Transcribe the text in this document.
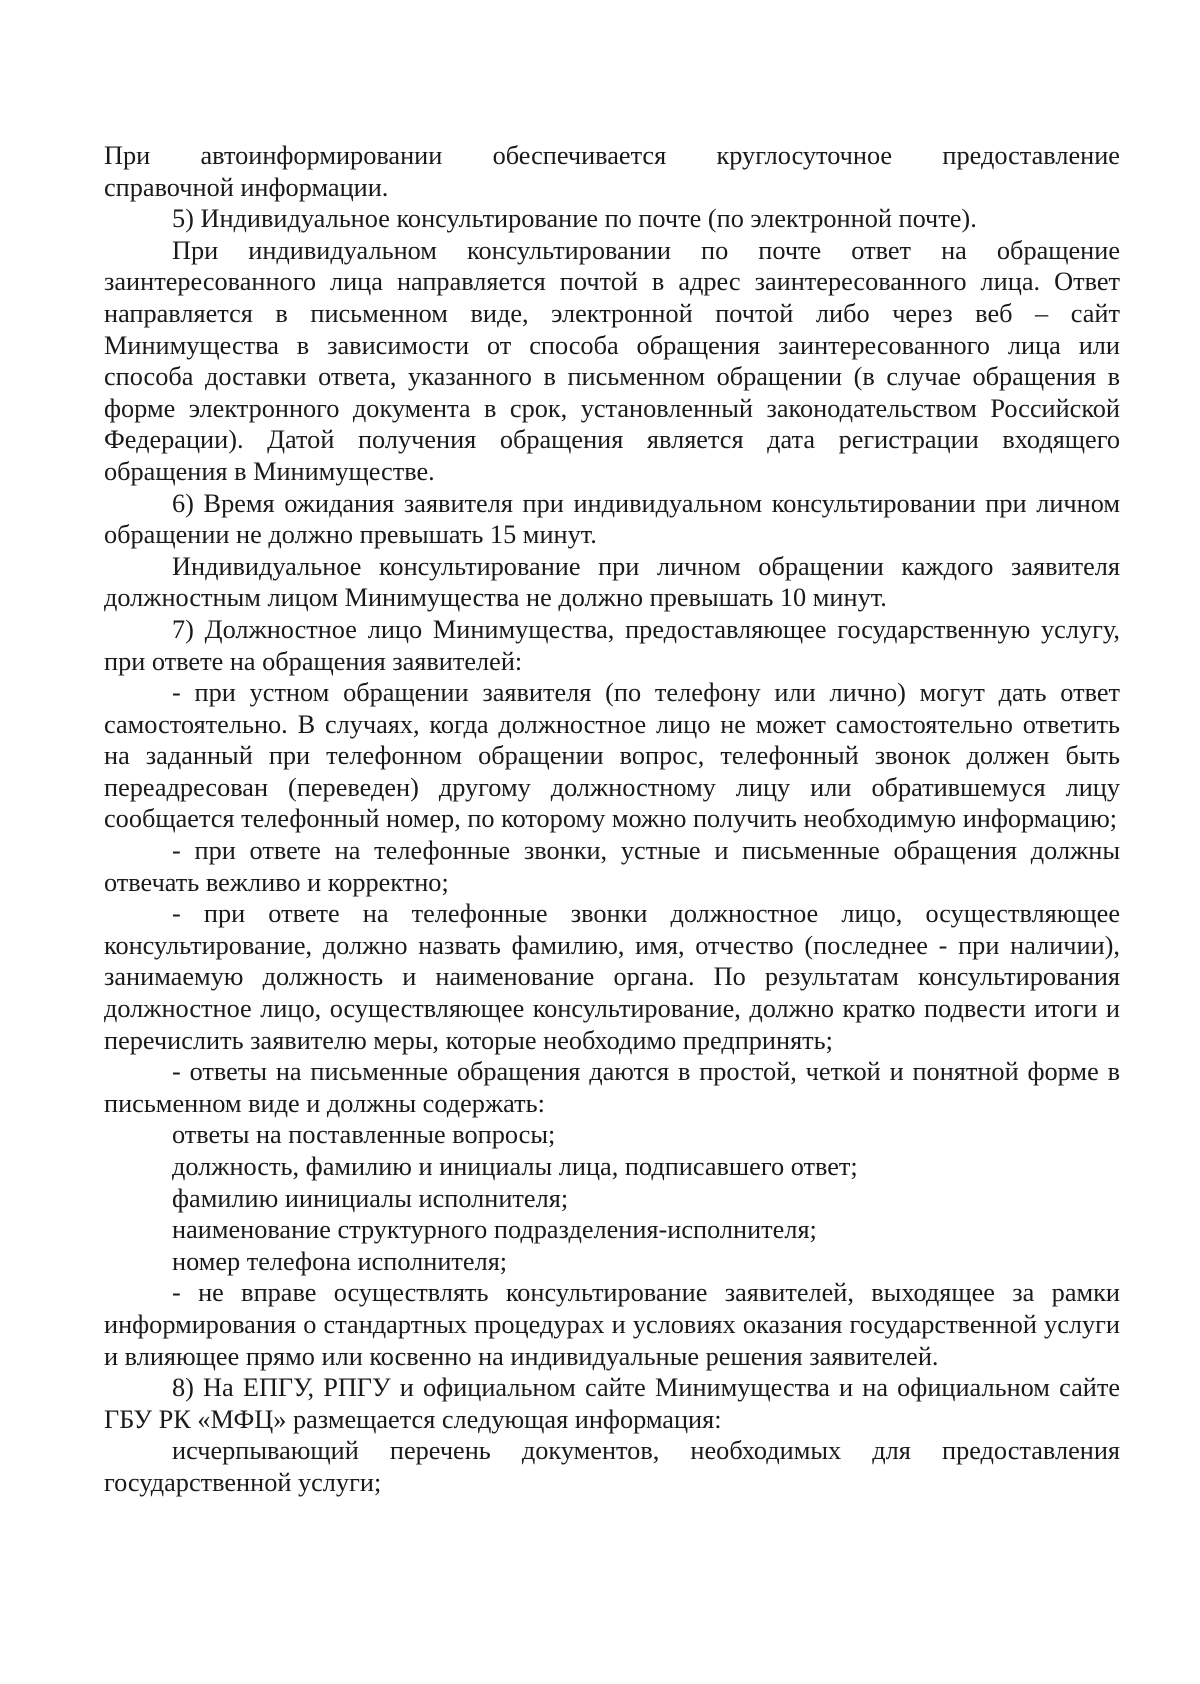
При автоинформировании обеспечивается круглосуточное предоставление

справочной информации.

5) Индивидуальное консультирование по почте (по электронной почте).

При индивидуальном консультировании по почте ответ на обращение заинтересованного лица направляется почтой в адрес заинтересованного лица. Ответ направляется в письменном виде, электронной почтой либо через веб – сайт Минимущества в зависимости от способа обращения заинтересованного лица или способа доставки ответа, указанного в письменном обращении (в случае обращения в форме электронного документа в срок, установленный законодательством Российской Федерации). Датой получения обращения является дата регистрации входящего обращения в Минимуществе.

6) Время ожидания заявителя при индивидуальном консультировании при личном обращении не должно превышать 15 минут.

Индивидуальное консультирование при личном обращении каждого заявителя должностным лицом Минимущества не должно превышать 10 минут.

7) Должностное лицо Минимущества, предоставляющее государственную услугу, при ответе на обращения заявителей:

- при устном обращении заявителя (по телефону или лично) могут дать ответ самостоятельно. В случаях, когда должностное лицо не может самостоятельно ответить на заданный при телефонном обращении вопрос, телефонный звонок должен быть переадресован (переведен) другому должностному лицу или обратившемуся лицу сообщается телефонный номер, по которому можно получить необходимую информацию;

- при ответе на телефонные звонки, устные и письменные обращения должны отвечать вежливо и корректно;

- при ответе на телефонные звонки должностное лицо, осуществляющее консультирование, должно назвать фамилию, имя, отчество (последнее - при наличии), занимаемую должность и наименование органа. По результатам консультирования должностное лицо, осуществляющее консультирование, должно кратко подвести итоги и перечислить заявителю меры, которые необходимо предпринять;

- ответы на письменные обращения даются в простой, четкой и понятной форме в письменном виде и должны содержать:

ответы на поставленные вопросы;

должность, фамилию и инициалы лица, подписавшего ответ;

фамилию иинициалы исполнителя;

наименование структурного подразделения-исполнителя;

номер телефона исполнителя;

- не вправе осуществлять консультирование заявителей, выходящее за рамки информирования о стандартных процедурах и условиях оказания государственной услуги и влияющее прямо или косвенно на индивидуальные решения заявителей.

8) На ЕПГУ, РПГУ и официальном сайте Минимущества и на официальном сайте ГБУ РК «МФЦ» размещается следующая информация:

исчерпывающий перечень документов, необходимых для предоставления государственной услуги;
